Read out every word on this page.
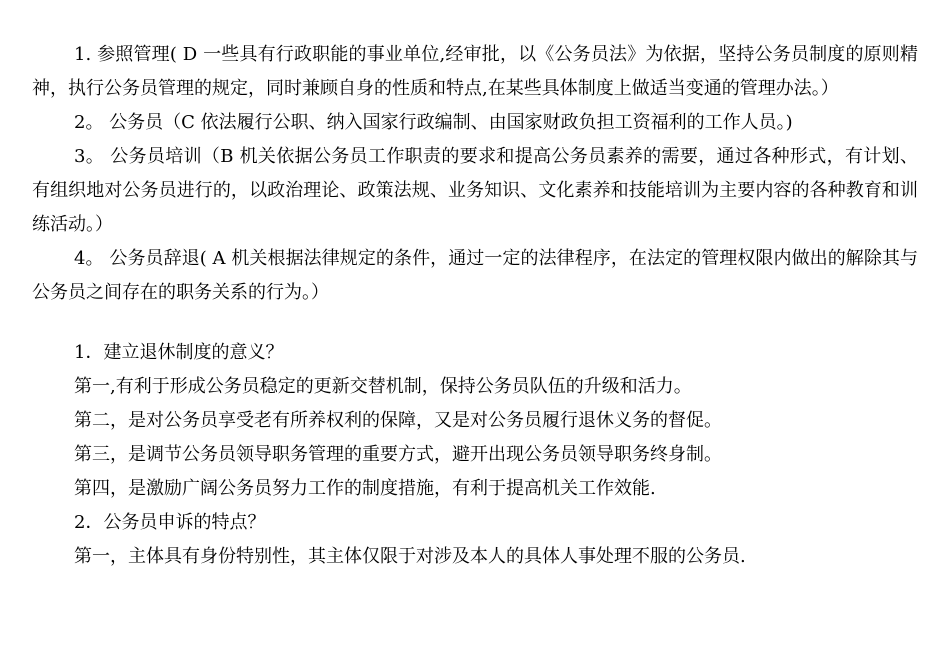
1. 参照管理( D 一些具有行政职能的事业单位,经审批，以《公务员法》为依据，坚持公务员制度的原则精神，执行公务员管理的规定，同时兼顾自身的性质和特点,在某些具体制度上做适当变通的管理办法。）

2。 公务员（C 依法履行公职、纳入国家行政编制、由国家财政负担工资福利的工作人员。)

3。 公务员培训（B 机关依据公务员工作职责的要求和提高公务员素养的需要，通过各种形式，有计划、有组织地对公务员进行的，以政治理论、政策法规、业务知识、文化素养和技能培训为主要内容的各种教育和训练活动。）

4。 公务员辞退( A 机关根据法律规定的条件，通过一定的法律程序，在法定的管理权限内做出的解除其与公务员之间存在的职务关系的行为。）

1．建立退休制度的意义？

第一,有利于形成公务员稳定的更新交替机制，保持公务员队伍的升级和活力。

第二，是对公务员享受老有所养权利的保障，又是对公务员履行退休义务的督促。

第三，是调节公务员领导职务管理的重要方式，避开出现公务员领导职务终身制。

第四，是激励广阔公务员努力工作的制度措施，有利于提高机关工作效能.

2．公务员申诉的特点？

第一，主体具有身份特别性，其主体仅限于对涉及本人的具体人事处理不服的公务员.
